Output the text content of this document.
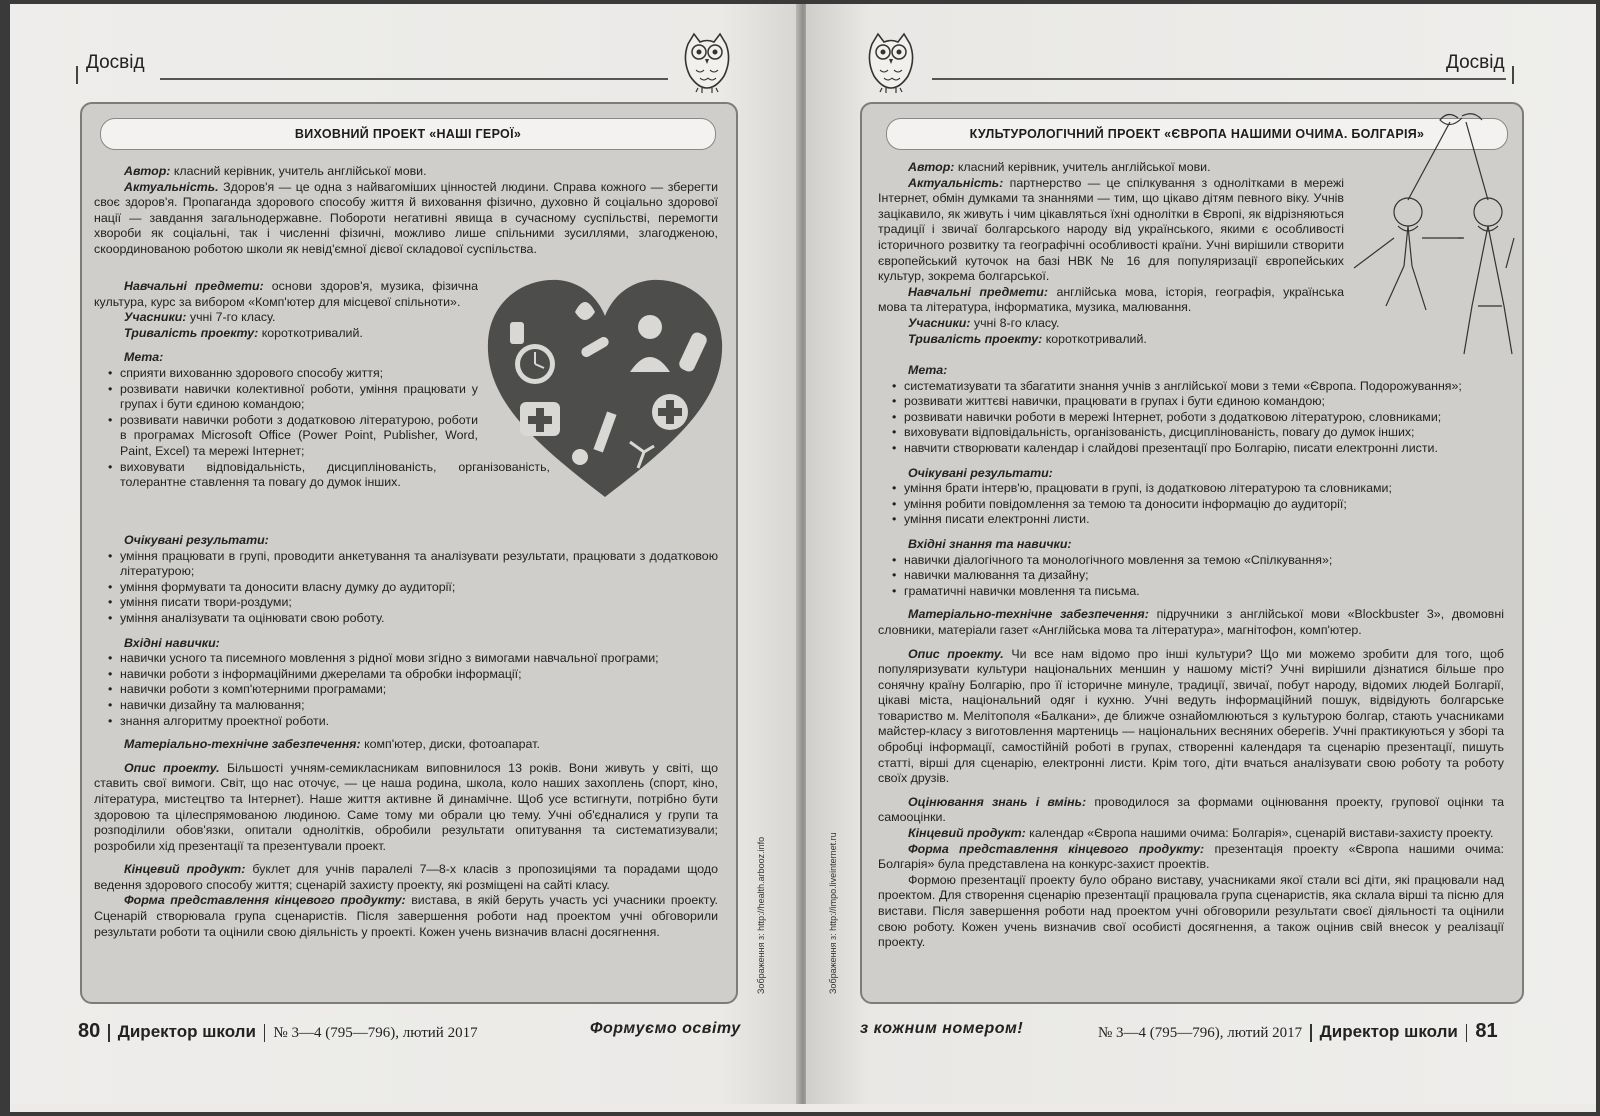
Досвід
ВИХОВНИЙ ПРОЕКТ «НАШІ ГЕРОЇ»

Автор: класний керівник, учитель англійської мови.

Актуальність. Здоров'я — це одна з найвагоміших цінностей людини. Справа кожного — зберегти своє здоров'я. Пропаганда здорового способу життя й виховання фізично, духовно й соціально здорової нації — завдання загальнодержавне. Побороти негативні явища в сучасному суспільстві, перемогти хвороби як соціальні, так і численні фізичні, можливо лише спільними зусиллями, злагодженою, скоординованою роботою школи як невід'ємної дієвої складової суспільства.

Навчальні предмети: основи здоров'я, музика, фізична культура, курс за вибором «Комп'ютер для місцевої спільноти».

Учасники: учні 7-го класу.

Тривалість проекту: короткотривалий.

Мета:
• сприяти вихованню здорового способу життя;
• розвивати навички колективної роботи, уміння працювати у групах і бути єдиною командою;
• розвивати навички роботи з додатковою літературою, роботи в програмах Microsoft Office (Power Point, Publisher, Word, Paint, Excel) та мережі Інтернет;
• виховувати відповідальність, дисциплінованість, організованість, толерантне ставлення та повагу до думок інших.
Очікувані результати:
• уміння працювати в групі, проводити анкетування та аналізувати результати, працювати з додатковою літературою;
• уміння формувати та доносити власну думку до аудиторії;
• уміння писати твори-роздуми;
• уміння аналізувати та оцінювати свою роботу.
Вхідні навички:
• навички усного та писемного мовлення з рідної мови згідно з вимогами навчальної програми;
• навички роботи з інформаційними джерелами та обробки інформації;
• навички роботи з комп'ютерними програмами;
• навички дизайну та малювання;
• знання алгоритму проектної роботи.

Матеріально-технічне забезпечення: комп'ютер, диски, фотоапарат.

Опис проекту. Більшості учням-семикласникам виповнилося 13 років. Вони живуть у світі, що ставить свої вимоги. Світ, що нас оточує, — це наша родина, школа, коло наших захоплень (спорт, кіно, література, мистецтво та Інтернет). Наше життя активне й динамічне. Щоб усе встигнути, потрібно бути здоровою та цілеспрямованою людиною. Саме тому ми обрали цю тему. Учні об'єдналися у групи та розподілили обов'язки, опитали однолітків, обробили результати опитування та систематизували; розробили хід презентації та презентували проект.

Кінцевий продукт: буклет для учнів паралелі 7—8-х класів з пропозиціями та порадами щодо ведення здорового способу життя; сценарій захисту проекту, які розміщені на сайті класу.

Форма представлення кінцевого продукту: вистава, в якій беруть участь усі учасники проекту. Сценарій створювала група сценаристів. Після завершення роботи над проектом учні обговорили результати роботи та оцінили свою діяльність у проекті. Кожен учень визначив власні досягнення.	Зображення з: http://health.arbooz.info
80 Директор школи № 3—4 (795—796), лютий 2017	Формуємо освіту
Досвід
КУЛЬТУРОЛОГІЧНИЙ ПРОЕКТ «ЄВРОПА НАШИМИ ОЧИМА. БОЛГАРІЯ»

Автор: класний керівник, учитель англійської мови.

Актуальність: партнерство — це спілкування з однолітками в мережі Інтернет, обмін думками та знаннями — тим, що цікаво дітям певного віку. Учнів зацікавило, як живуть і чим цікавляться їхні однолітки в Європі, як відрізняються традиції і звичаї болгарського народу від українського, якими є особливості історичного розвитку та географічні особливості країни. Учні вирішили створити європейський куточок на базі НВК № 16 для популяризації європейських культур, зокрема болгарської.

Навчальні предмети: англійська мова, історія, географія, українська мова та література, інформатика, музика, малювання.

Учасники: учні 8-го класу.

Тривалість проекту: короткотривалий.

Мета:
• систематизувати та збагатити знання учнів з англійської мови з теми «Європа. Подорожування»;
• розвивати життєві навички, працювати в групах і бути єдиною командою;
• розвивати навички роботи в мережі Інтернет, роботи з додатковою літературою, словниками;
• виховувати відповідальність, організованість, дисциплінованість, повагу до думок інших;
• навчити створювати календар і слайдові презентації про Болгарію, писати електронні листи.
Очікувані результати:
• уміння брати інтерв'ю, працювати в групі, із додатковою літературою та словниками;
• уміння робити повідомлення за темою та доносити інформацію до аудиторії;
• уміння писати електронні листи.
Вхідні знання та навички:
• навички діалогічного та монологічного мовлення за темою «Спілкування»;
• навички малювання та дизайну;
• граматичні навички мовлення та письма.

Матеріально-технічне забезпечення: підручники з англійської мови «Blockbuster 3», двомовні словники, матеріали газет «Англійська мова та література», магнітофон, комп'ютер.

Опис проекту. Чи все нам відомо про інші культури? Що ми можемо зробити для того, щоб популяризувати культури національних меншин у нашому місті? Учні вирішили дізнатися більше про сонячну країну Болгарію, про її історичне минуле, традиції, звичаї, побут народу, відомих людей Болгарії, цікаві міста, національний одяг і кухню. Учні ведуть інформаційний пошук, відвідують болгарське товариство м. Мелітополя «Балкани», де ближче ознайомлюються з культурою болгар, стають учасниками майстер-класу з виготовлення мартениць — національних весняних оберегів. Учні практикуються у зборі та обробці інформації, самостійній роботі в групах, створенні календаря та сценарію презентації, пишуть статті, вірші для сценарію, електронні листи. Крім того, діти вчаться аналізувати свою роботу та роботу своїх друзів.

Оцінювання знань і вмінь: проводилося за формами оцінювання проекту, групової оцінки та самооцінки.

Кінцевий продукт: календар «Європа нашими очима: Болгарія», сценарій вистави-захисту проекту.

Форма представлення кінцевого продукту: презентація проекту «Європа нашими очима: Болгарія» була представлена на конкурс-захист проектів.

Формою презентації проекту було обрано виставу, учасниками якої стали всі діти, які працювали над проектом. Для створення сценарію презентації працювала група сценаристів, яка склала вірші та пісню для вистави. Після завершення роботи над проектом учні обговорили результати своєї діяльності та оцінили свою роботу. Кожен учень визначив свої особисті досягнення, а також оцінив свій внесок у реалізації проекту.

Зображення з: http://impo.liveinternet.ru
з кожним номером!	№ 3—4 (795—796), лютий 2017 Директор школи 81
